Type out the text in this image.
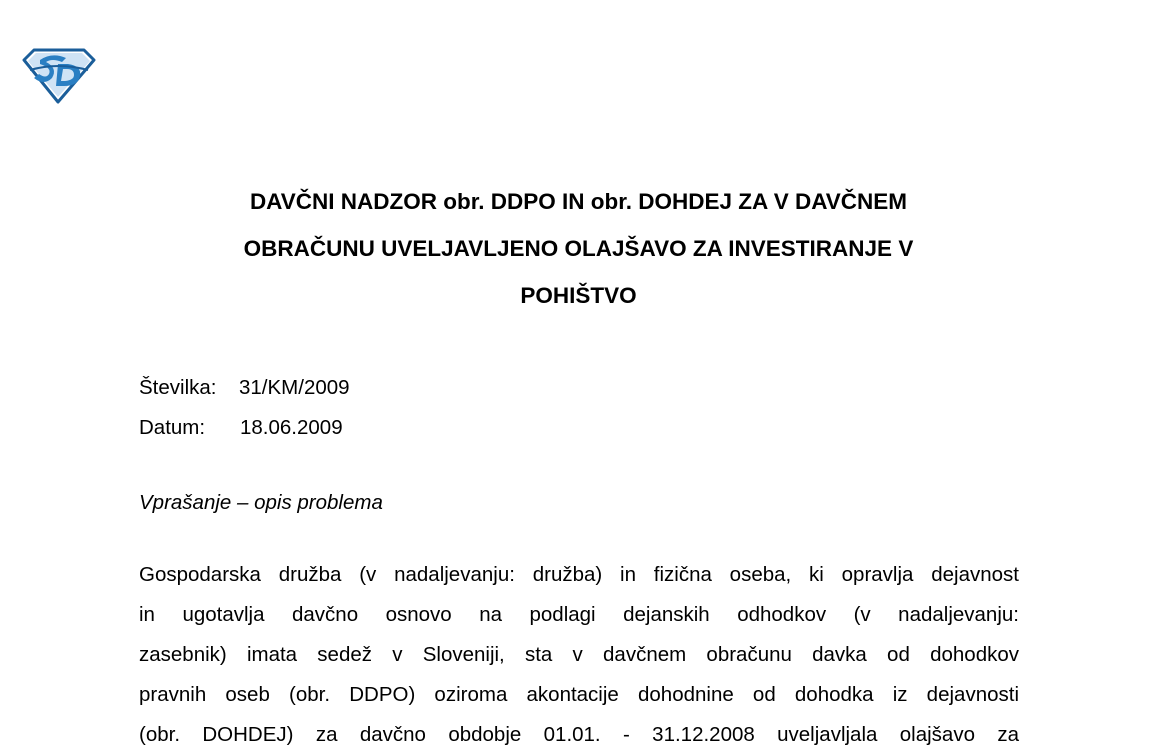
DAVČNI NADZOR obr. DDPO IN obr. DOHDEJ ZA V DAVČNEM
OBRAČUNU UVELJAVLJENO OLAJŠAVO ZA INVESTIRANJE V
POHIŠTVO
Številka:	31/KM/2009
Datum:	18.06.2009
Vprašanje – opis problema
Gospodarska družba (v nadaljevanju: družba) in fizična oseba, ki opravlja dejavnost
in ugotavlja davčno osnovo na podlagi dejanskih odhodkov (v nadaljevanju:
zasebnik) imata sedež v Sloveniji, sta v davčnem obračunu davka od dohodkov
pravnih oseb (obr. DDPO) oziroma akontacije dohodnine od dohodka iz dejavnosti
(obr. DOHDEJ) za davčno obdobje 01.01. - 31.12.2008 uveljavljala olajšavo za
